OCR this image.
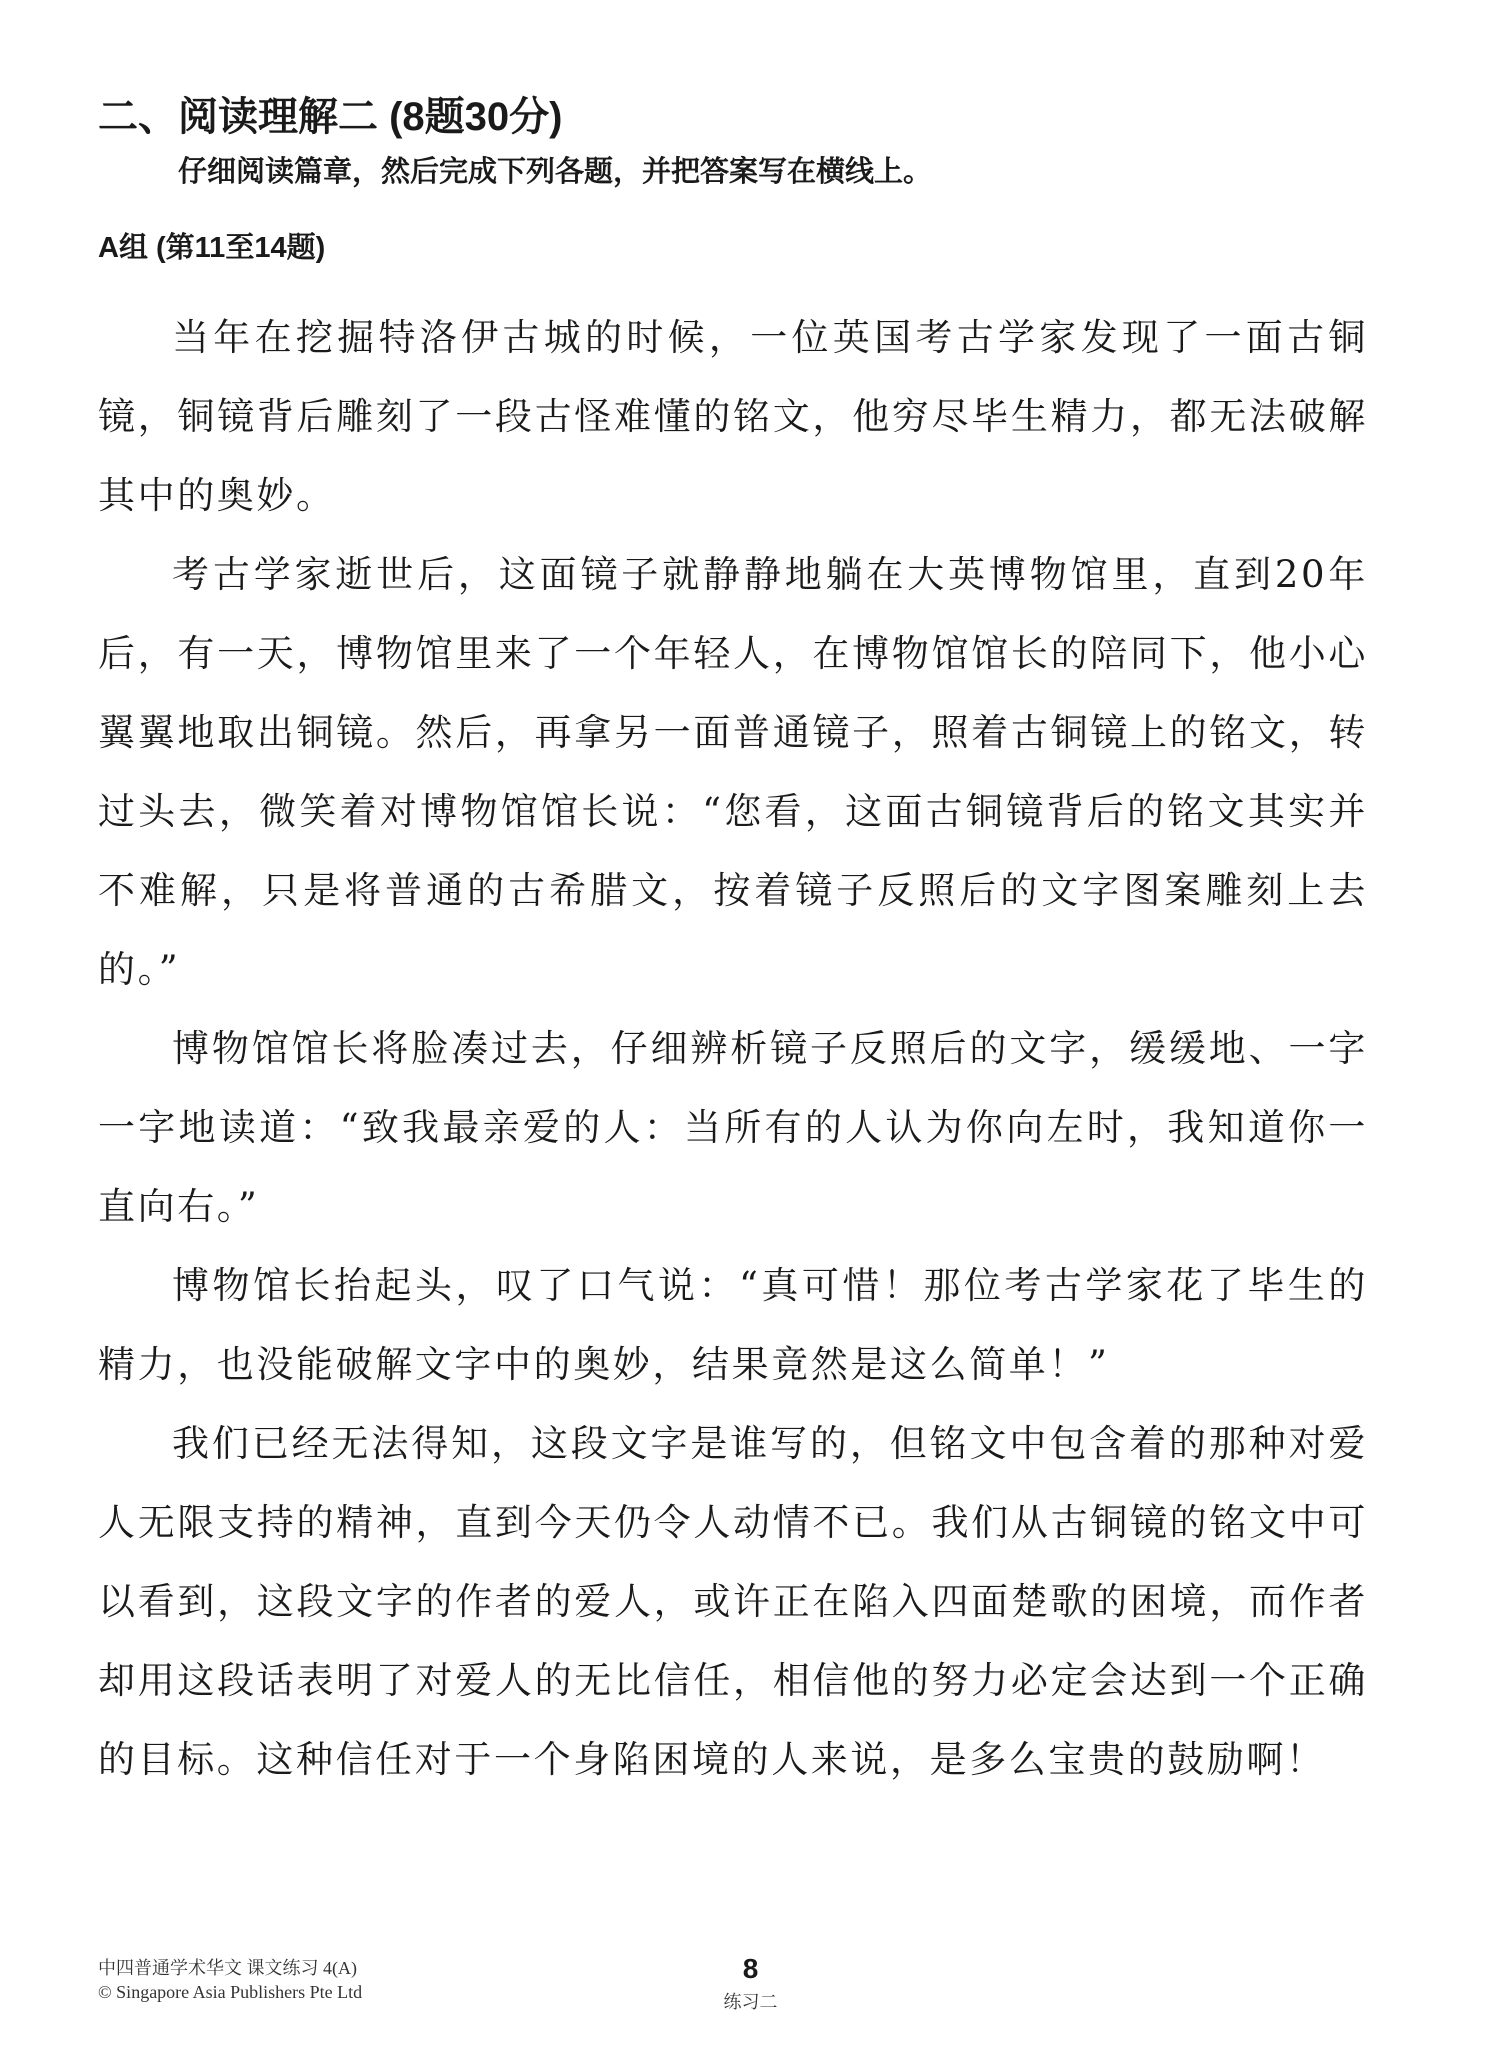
二、阅读理解二 (8题30分)
仔细阅读篇章，然后完成下列各题，并把答案写在横线上。
A组 (第11至14题)

当年在挖掘特洛伊古城的时候，一位英国考古学家发现了一面古铜镜，铜镜背后雕刻了一段古怪难懂的铭文，他穷尽毕生精力，都无法破解其中的奥妙。

考古学家逝世后，这面镜子就静静地躺在大英博物馆里，直到20年后，有一天，博物馆里来了一个年轻人，在博物馆馆长的陪同下，他小心翼翼地取出铜镜。然后，再拿另一面普通镜子，照着古铜镜上的铭文，转过头去，微笑着对博物馆馆长说：“您看，这面古铜镜背后的铭文其实并不难解，只是将普通的古希腊文，按着镜子反照后的文字图案雕刻上去的。”

博物馆馆长将脸凑过去，仔细辨析镜子反照后的文字，缓缓地、一字一字地读道：“致我最亲爱的人：当所有的人认为你向左时，我知道你一直向右。”

博物馆长抬起头，叹了口气说：“真可惜！那位考古学家花了毕生的精力，也没能破解文字中的奥妙，结果竟然是这么简单！”

我们已经无法得知，这段文字是谁写的，但铭文中包含着的那种对爱人无限支持的精神，直到今天仍令人动情不已。我们从古铜镜的铭文中可以看到，这段文字的作者的爱人，或许正在陷入四面楚歌的困境，而作者却用这段话表明了对爱人的无比信任，相信他的努力必定会达到一个正确的目标。这种信任对于一个身陷困境的人来说，是多么宝贵的鼓励啊！

中四普通学术华文 课文练习 4(A)
© Singapore Asia Publishers Pte Ltd
8
练习二
